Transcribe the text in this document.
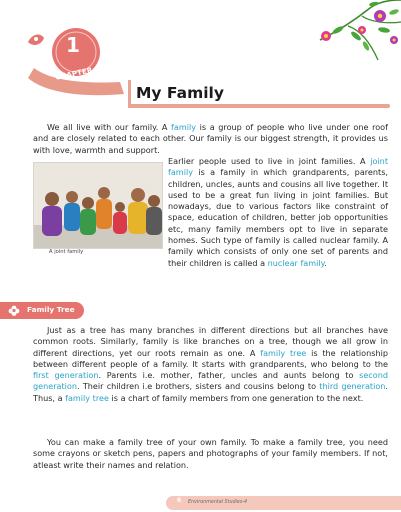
1
CHAPTER
My Family

We all live with our family. A family is a group of people who live under one roof and are closely related to each other. Our family is our biggest strength, it provides us with love, warmth and support.

A joint family

Earlier people used to live in joint families. A joint family is a family in which grandparents, parents, children, uncles, aunts and cousins all live together. It used to be a great fun living in joint families. But nowadays, due to various factors like constraint of space, education of children, better job opportunities etc, many family members opt to live in separate homes. Such type of family is called nuclear family. A family which consists of only one set of parents and their children is called a nuclear family.

Family Tree

Just as a tree has many branches in different directions but all branches have common roots. Similarly, family is like branches on a tree, though we all grow in different directions, yet our roots remain as one. A family tree is the relationship between different people of a family. It starts with grandparents, who belong to the first generation. Parents i.e. mother, father, uncles and aunts belong to second generation. Their children i.e brothers, sisters and cousins belong to third generation. Thus, a family tree is a chart of family members from one generation to the next.

You can make a family tree of your own family. To make a family tree, you need some crayons or sketch pens, papers and photographs of your family members. If not, atleast write their names and relation.

6 Environmental Studies-4
